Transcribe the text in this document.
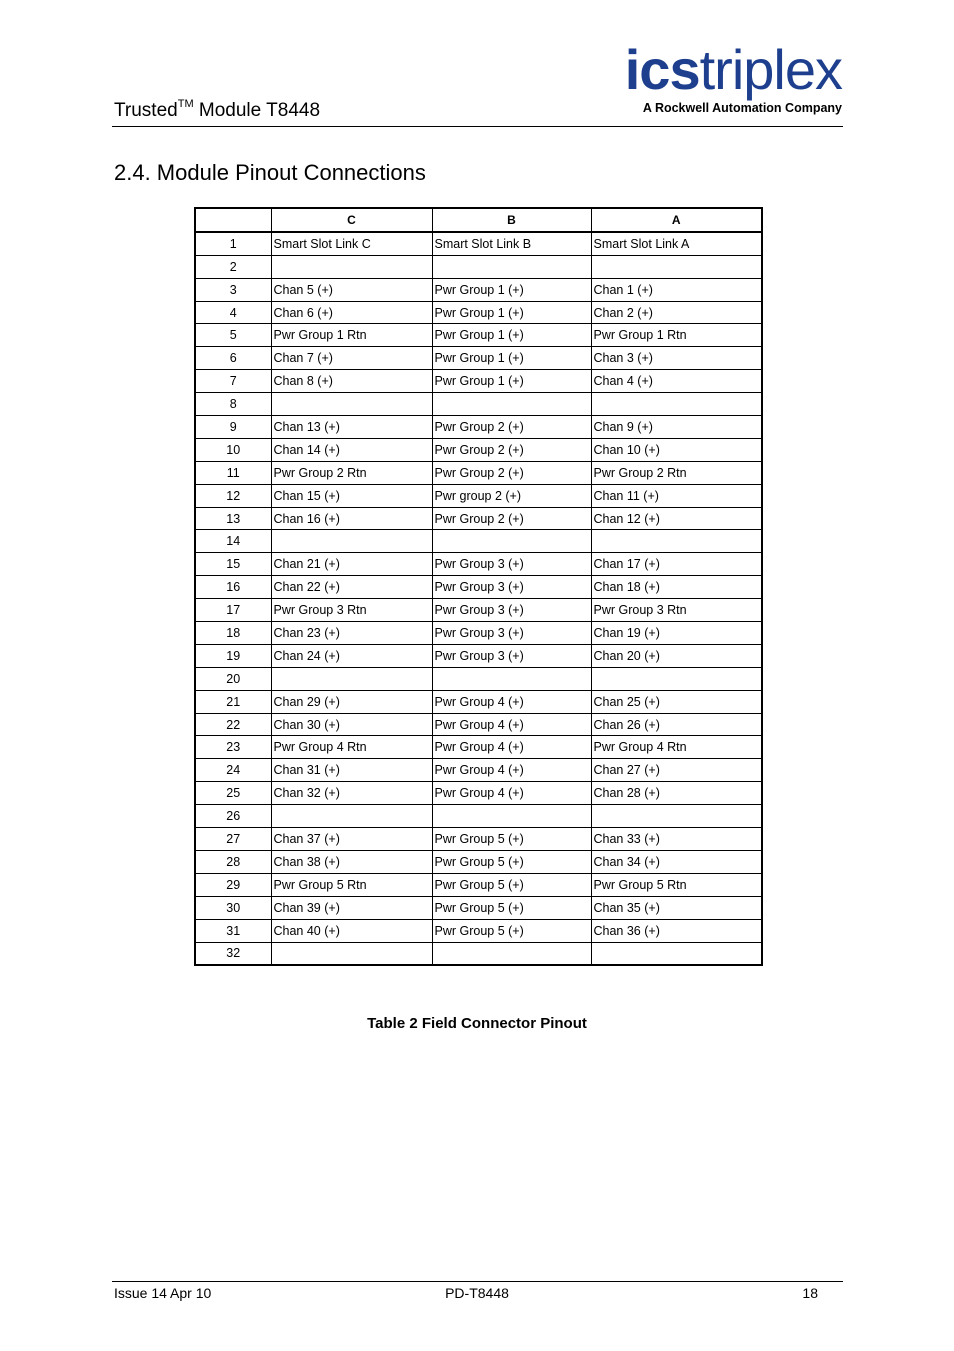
Trusted™ Module T8448
icstriplex
A Rockwell Automation Company
2.4. Module Pinout Connections
	C	B	A
1	Smart Slot Link C	Smart Slot Link B	Smart Slot Link A
2			
3	Chan 5 (+)	Pwr Group 1 (+)	Chan 1 (+)
4	Chan 6 (+)	Pwr Group 1 (+)	Chan 2 (+)
5	Pwr Group 1 Rtn	Pwr Group 1 (+)	Pwr Group 1 Rtn
6	Chan 7 (+)	Pwr Group 1 (+)	Chan 3 (+)
7	Chan 8 (+)	Pwr Group 1 (+)	Chan 4 (+)
8			
9	Chan 13 (+)	Pwr Group 2 (+)	Chan 9 (+)
10	Chan 14 (+)	Pwr Group 2 (+)	Chan 10 (+)
11	Pwr Group 2 Rtn	Pwr Group 2 (+)	Pwr Group 2 Rtn
12	Chan 15 (+)	Pwr group 2 (+)	Chan 11 (+)
13	Chan 16 (+)	Pwr Group 2 (+)	Chan 12 (+)
14			
15	Chan 21 (+)	Pwr Group 3 (+)	Chan 17 (+)
16	Chan 22 (+)	Pwr Group 3 (+)	Chan 18 (+)
17	Pwr Group 3 Rtn	Pwr Group 3 (+)	Pwr Group 3 Rtn
18	Chan 23 (+)	Pwr Group 3 (+)	Chan 19 (+)
19	Chan 24 (+)	Pwr Group 3 (+)	Chan 20 (+)
20			
21	Chan 29 (+)	Pwr Group 4 (+)	Chan 25 (+)
22	Chan 30 (+)	Pwr Group 4 (+)	Chan 26 (+)
23	Pwr Group 4 Rtn	Pwr Group 4 (+)	Pwr Group 4 Rtn
24	Chan 31 (+)	Pwr Group 4 (+)	Chan 27 (+)
25	Chan 32 (+)	Pwr Group 4 (+)	Chan 28 (+)
26			
27	Chan 37 (+)	Pwr Group 5 (+)	Chan 33 (+)
28	Chan 38 (+)	Pwr Group 5 (+)	Chan 34 (+)
29	Pwr Group 5 Rtn	Pwr Group 5 (+)	Pwr Group 5 Rtn
30	Chan 39 (+)	Pwr Group 5 (+)	Chan 35 (+)
31	Chan 40 (+)	Pwr Group 5 (+)	Chan 36 (+)
32			
Table 2 Field Connector Pinout
Issue 14 Apr 10	PD-T8448	18
